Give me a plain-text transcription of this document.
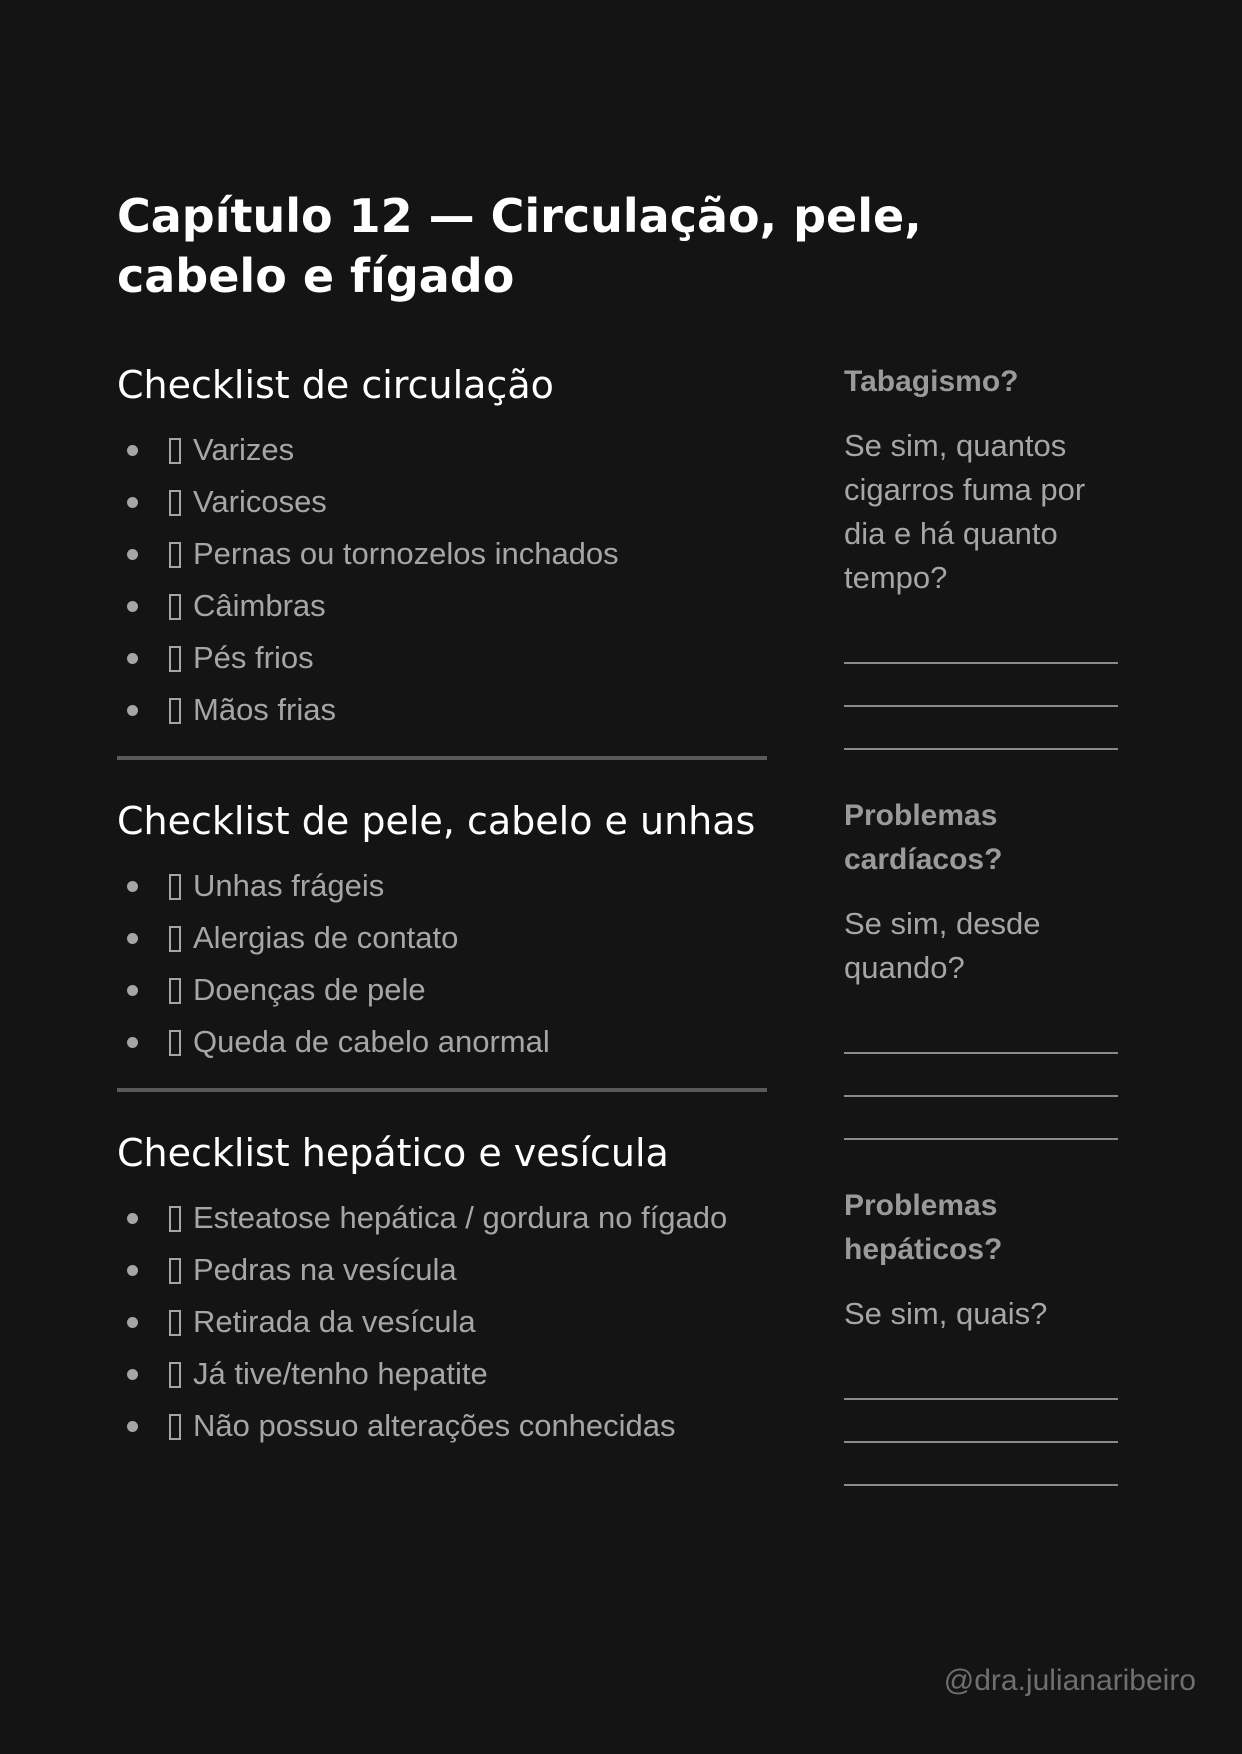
Capítulo 12 — Circulação, pele, cabelo e fígado
Checklist de circulação
Varizes
Varicoses
Pernas ou tornozelos inchados
Câimbras
Pés frios
Mãos frias
Checklist de pele, cabelo e unhas
Unhas frágeis
Alergias de contato
Doenças de pele
Queda de cabelo anormal
Checklist hepático e vesícula
Esteatose hepática / gordura no fígado
Pedras na vesícula
Retirada da vesícula
Já tive/tenho hepatite
Não possuo alterações conhecidas

Tabagismo?

Se sim, quantos cigarros fuma por dia e há quanto tempo?

Problemas cardíacos?

Se sim, desde quando?

Problemas hepáticos?

Se sim, quais?

@dra.julianaribeiro
